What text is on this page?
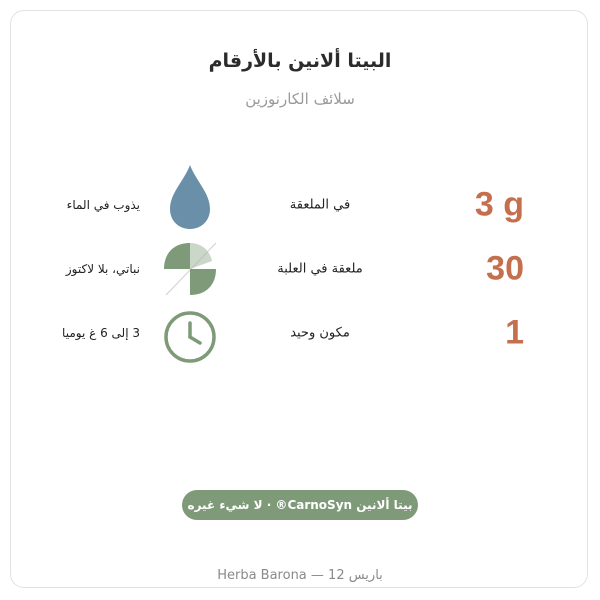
البيتا ألانين بالأرقام
سلائف الكارنوزين
3 g
في الملعقة
يذوب في الماء
30
ملعقة في العلبة
نباتي، بلا لاكتوز
1
مكون وحيد
3 إلى 6 غ يوميا
بيتا ألانين CarnoSyn® · لا شيء غيره
باريس 12 — Herba Barona
